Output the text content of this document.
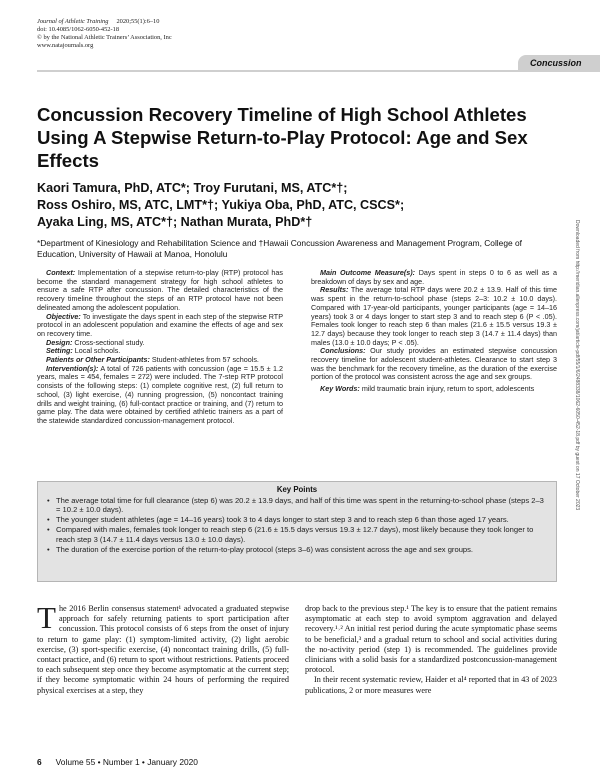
Journal of Athletic Training 2020;55(1):6–10
doi: 10.4085/1062-6050-452-18
© by the National Athletic Trainers’ Association, Inc
www.natajournals.org
Concussion
Concussion Recovery Timeline of High School Athletes Using A Stepwise Return-to-Play Protocol: Age and Sex Effects
Kaori Tamura, PhD, ATC*; Troy Furutani, MS, ATC*†;
Ross Oshiro, MS, ATC, LMT*†; Yukiya Oba, PhD, ATC, CSCS*;
Ayaka Ling, MS, ATC*†; Nathan Murata, PhD*†
*Department of Kinesiology and Rehabilitation Science and †Hawaii Concussion Awareness and Management Program, College of Education, University of Hawaii at Manoa, Honolulu	Downloaded from http://meridian.allenpress.com/jat/article-pdf/55/1/6/2488338/1062-6050-452-18.pdf by guest on 17 October 2023

Context: Implementation of a stepwise return-to-play (RTP) protocol has become the standard management strategy for high school athletes to ensure a safe RTP after concussion. The detailed characteristics of the recovery timeline throughout the steps of an RTP protocol have not been delineated among the adolescent population.

Objective: To investigate the days spent in each step of the stepwise RTP protocol in an adolescent population and examine the effects of age and sex on recovery time.

Design: Cross-sectional study.

Setting: Local schools.

Patients or Other Participants: Student-athletes from 57 schools.

Intervention(s): A total of 726 patients with concussion (age = 15.5 ± 1.2 years, males = 454, females = 272) were included. The 7-step RTP protocol consists of the following steps: (1) complete cognitive rest, (2) full return to school, (3) light exercise, (4) running progression, (5) noncontact training drills and weight training, (6) full-contact practice or training, and (7) return to game play. The data were obtained by certified athletic trainers as a part of the statewide standardized concussion-management protocol.

Main Outcome Measure(s): Days spent in steps 0 to 6 as well as a breakdown of days by sex and age.

Results: The average total RTP days were 20.2 ± 13.9. Half of this time was spent in the return-to-school phase (steps 2–3: 10.2 ± 10.0 days). Compared with 17-year-old participants, younger participants (age = 14–16 years) took 3 or 4 days longer to start step 3 and to reach step 6 (P < .05). Females took longer to reach step 6 than males (21.6 ± 15.5 versus 19.3 ± 12.7 days) because they took longer to reach step 3 (14.7 ± 11.4 days) than males (13.0 ± 10.0 days; P < .05).

Conclusions: Our study provides an estimated stepwise concussion recovery timeline for adolescent student-athletes. Clearance to start step 3 was the benchmark for the recovery timeline, as the duration of the exercise portion of the protocol was consistent across the age and sex groups.

Key Words: mild traumatic brain injury, return to sport, adolescents

Key Points
• The average total time for full clearance (step 6) was 20.2 ± 13.9 days, and half of this time was spent in the returning-to-school phase (steps 2–3 = 10.2 ± 10.0 days).
• The younger student athletes (age = 14–16 years) took 3 to 4 days longer to start step 3 and to reach step 6 than those aged 17 years.
• Compared with males, females took longer to reach step 6 (21.6 ± 15.5 days versus 19.3 ± 12.7 days), most likely because they took longer to reach step 3 (14.7 ± 11.4 days versus 13.0 ± 10.0 days).
• The duration of the exercise portion of the return-to-play protocol (steps 3–6) was consistent across the age and sex groups.

The 2016 Berlin consensus statement¹ advocated a graduated stepwise approach for safely returning patients to sport participation after concussion. This protocol consists of 6 steps from the onset of injury to return to game play: (1) symptom-limited activity, (2) light aerobic exercise, (3) sport-specific exercise, (4) noncontact training drills, (5) full-contact practice, and (6) return to sport without restrictions. Patients proceed to each subsequent step once they become asymptomatic at the current step; if they become symptomatic within 24 hours of performing the required physical exercises at a step, they

drop back to the previous step.¹ The key is to ensure that the patient remains asymptomatic at each step to avoid symptom aggravation and delayed recovery.¹˒² An initial rest period during the acute symptomatic phase seems to be beneficial,³ and a gradual return to school and social activities during the no-activity period (step 1) is recommended. The guidelines provide clinicians with a solid basis for a standardized postconcussion-management protocol.

In their recent systematic review, Haider et al⁴ reported that in 43 of 2023 publications, 2 or more measures were

6 Volume 55 • Number 1 • January 2020
